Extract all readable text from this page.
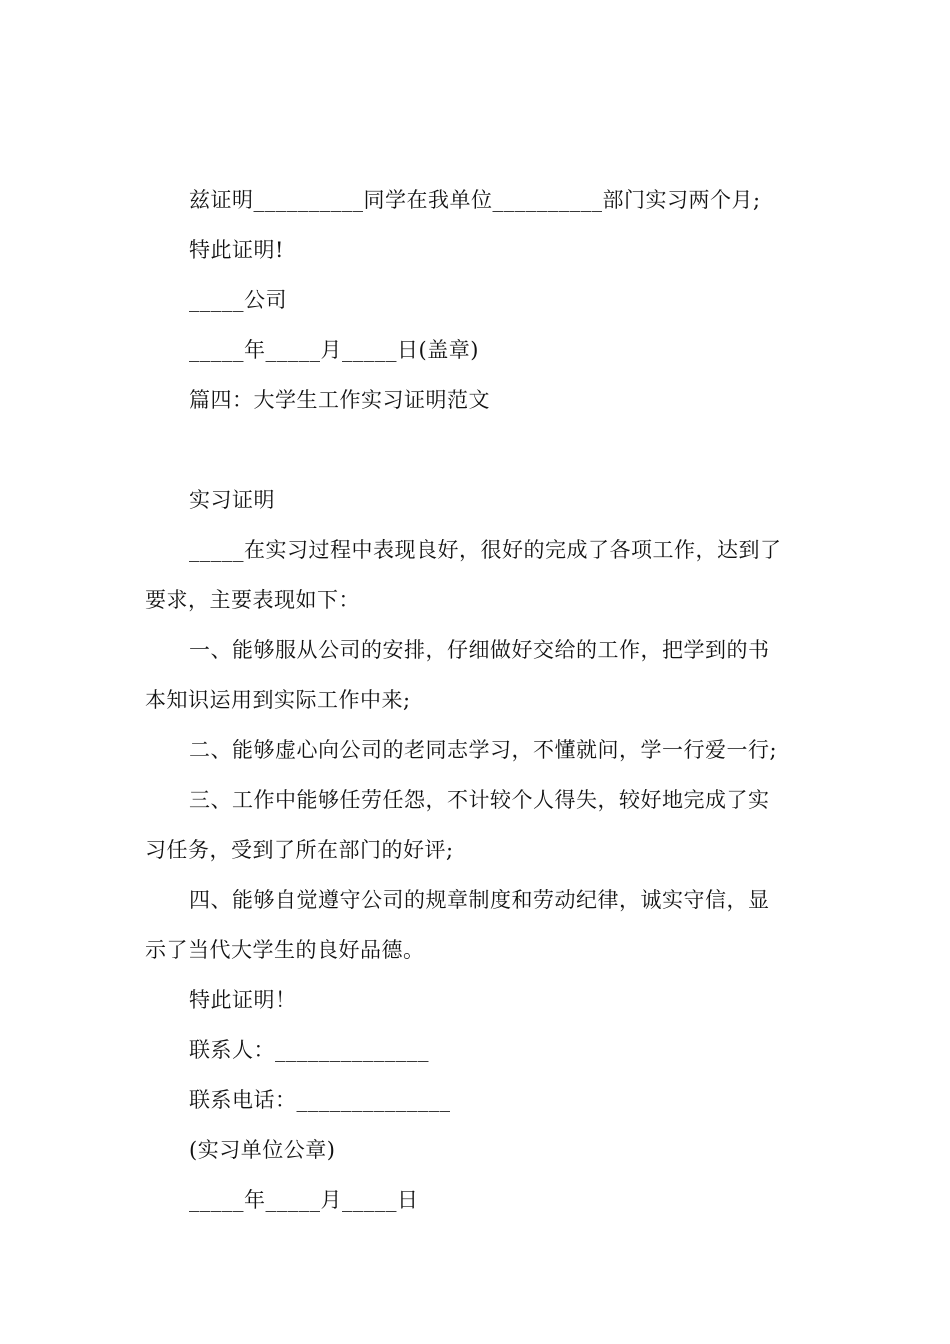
兹证明__________同学在我单位__________部门实习两个月;
特此证明!
_____公司
_____年_____月_____日(盖章)
篇四：大学生工作实习证明范文
实习证明
_____在实习过程中表现良好，很好的完成了各项工作，达到了
要求，主要表现如下：
一、能够服从公司的安排，仔细做好交给的工作，把学到的书
本知识运用到实际工作中来;
二、能够虚心向公司的老同志学习，不懂就问，学一行爱一行;
三、工作中能够任劳任怨，不计较个人得失，较好地完成了实
习任务，受到了所在部门的好评;
四、能够自觉遵守公司的规章制度和劳动纪律，诚实守信，显
示了当代大学生的良好品德。
特此证明！
联系人：______________
联系电话：______________
(实习单位公章)
_____年_____月_____日
